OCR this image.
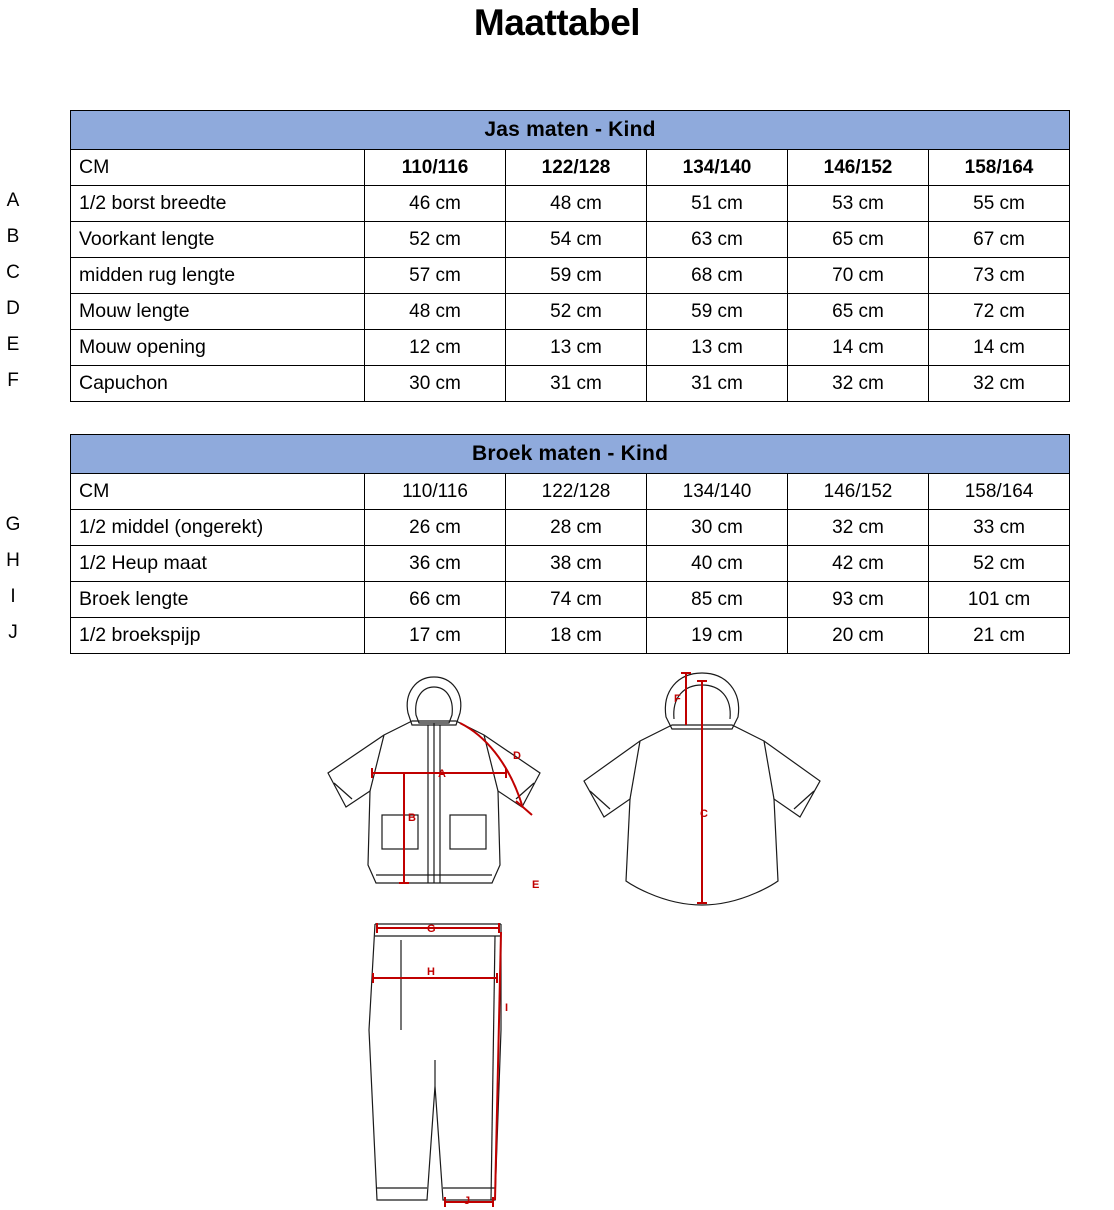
Maattabel
A
B
C
D
E
F
G
H
I
J
Jas maten - Kind					
CM	110/116	122/128	134/140	146/152	158/164
1/2 borst breedte	46 cm	48 cm	51 cm	53 cm	55 cm
Voorkant lengte	52 cm	54 cm	63 cm	65 cm	67 cm
midden rug lengte	57 cm	59 cm	68 cm	70 cm	73 cm
Mouw lengte	48 cm	52 cm	59 cm	65 cm	72 cm
Mouw opening	12 cm	13 cm	13 cm	14 cm	14 cm
Capuchon	30 cm	31 cm	31 cm	32 cm	32 cm
Broek maten - Kind					
CM	110/116	122/128	134/140	146/152	158/164
1/2 middel (ongerekt)	26 cm	28 cm	30 cm	32 cm	33 cm
1/2 Heup maat	36 cm	38 cm	40 cm	42 cm	52 cm
Broek lengte	66 cm	74 cm	85 cm	93 cm	101 cm
1/2 broekspijp	17 cm	18 cm	19 cm	20 cm	21 cm
A
B
D
E
F
C
G
H
I
J
